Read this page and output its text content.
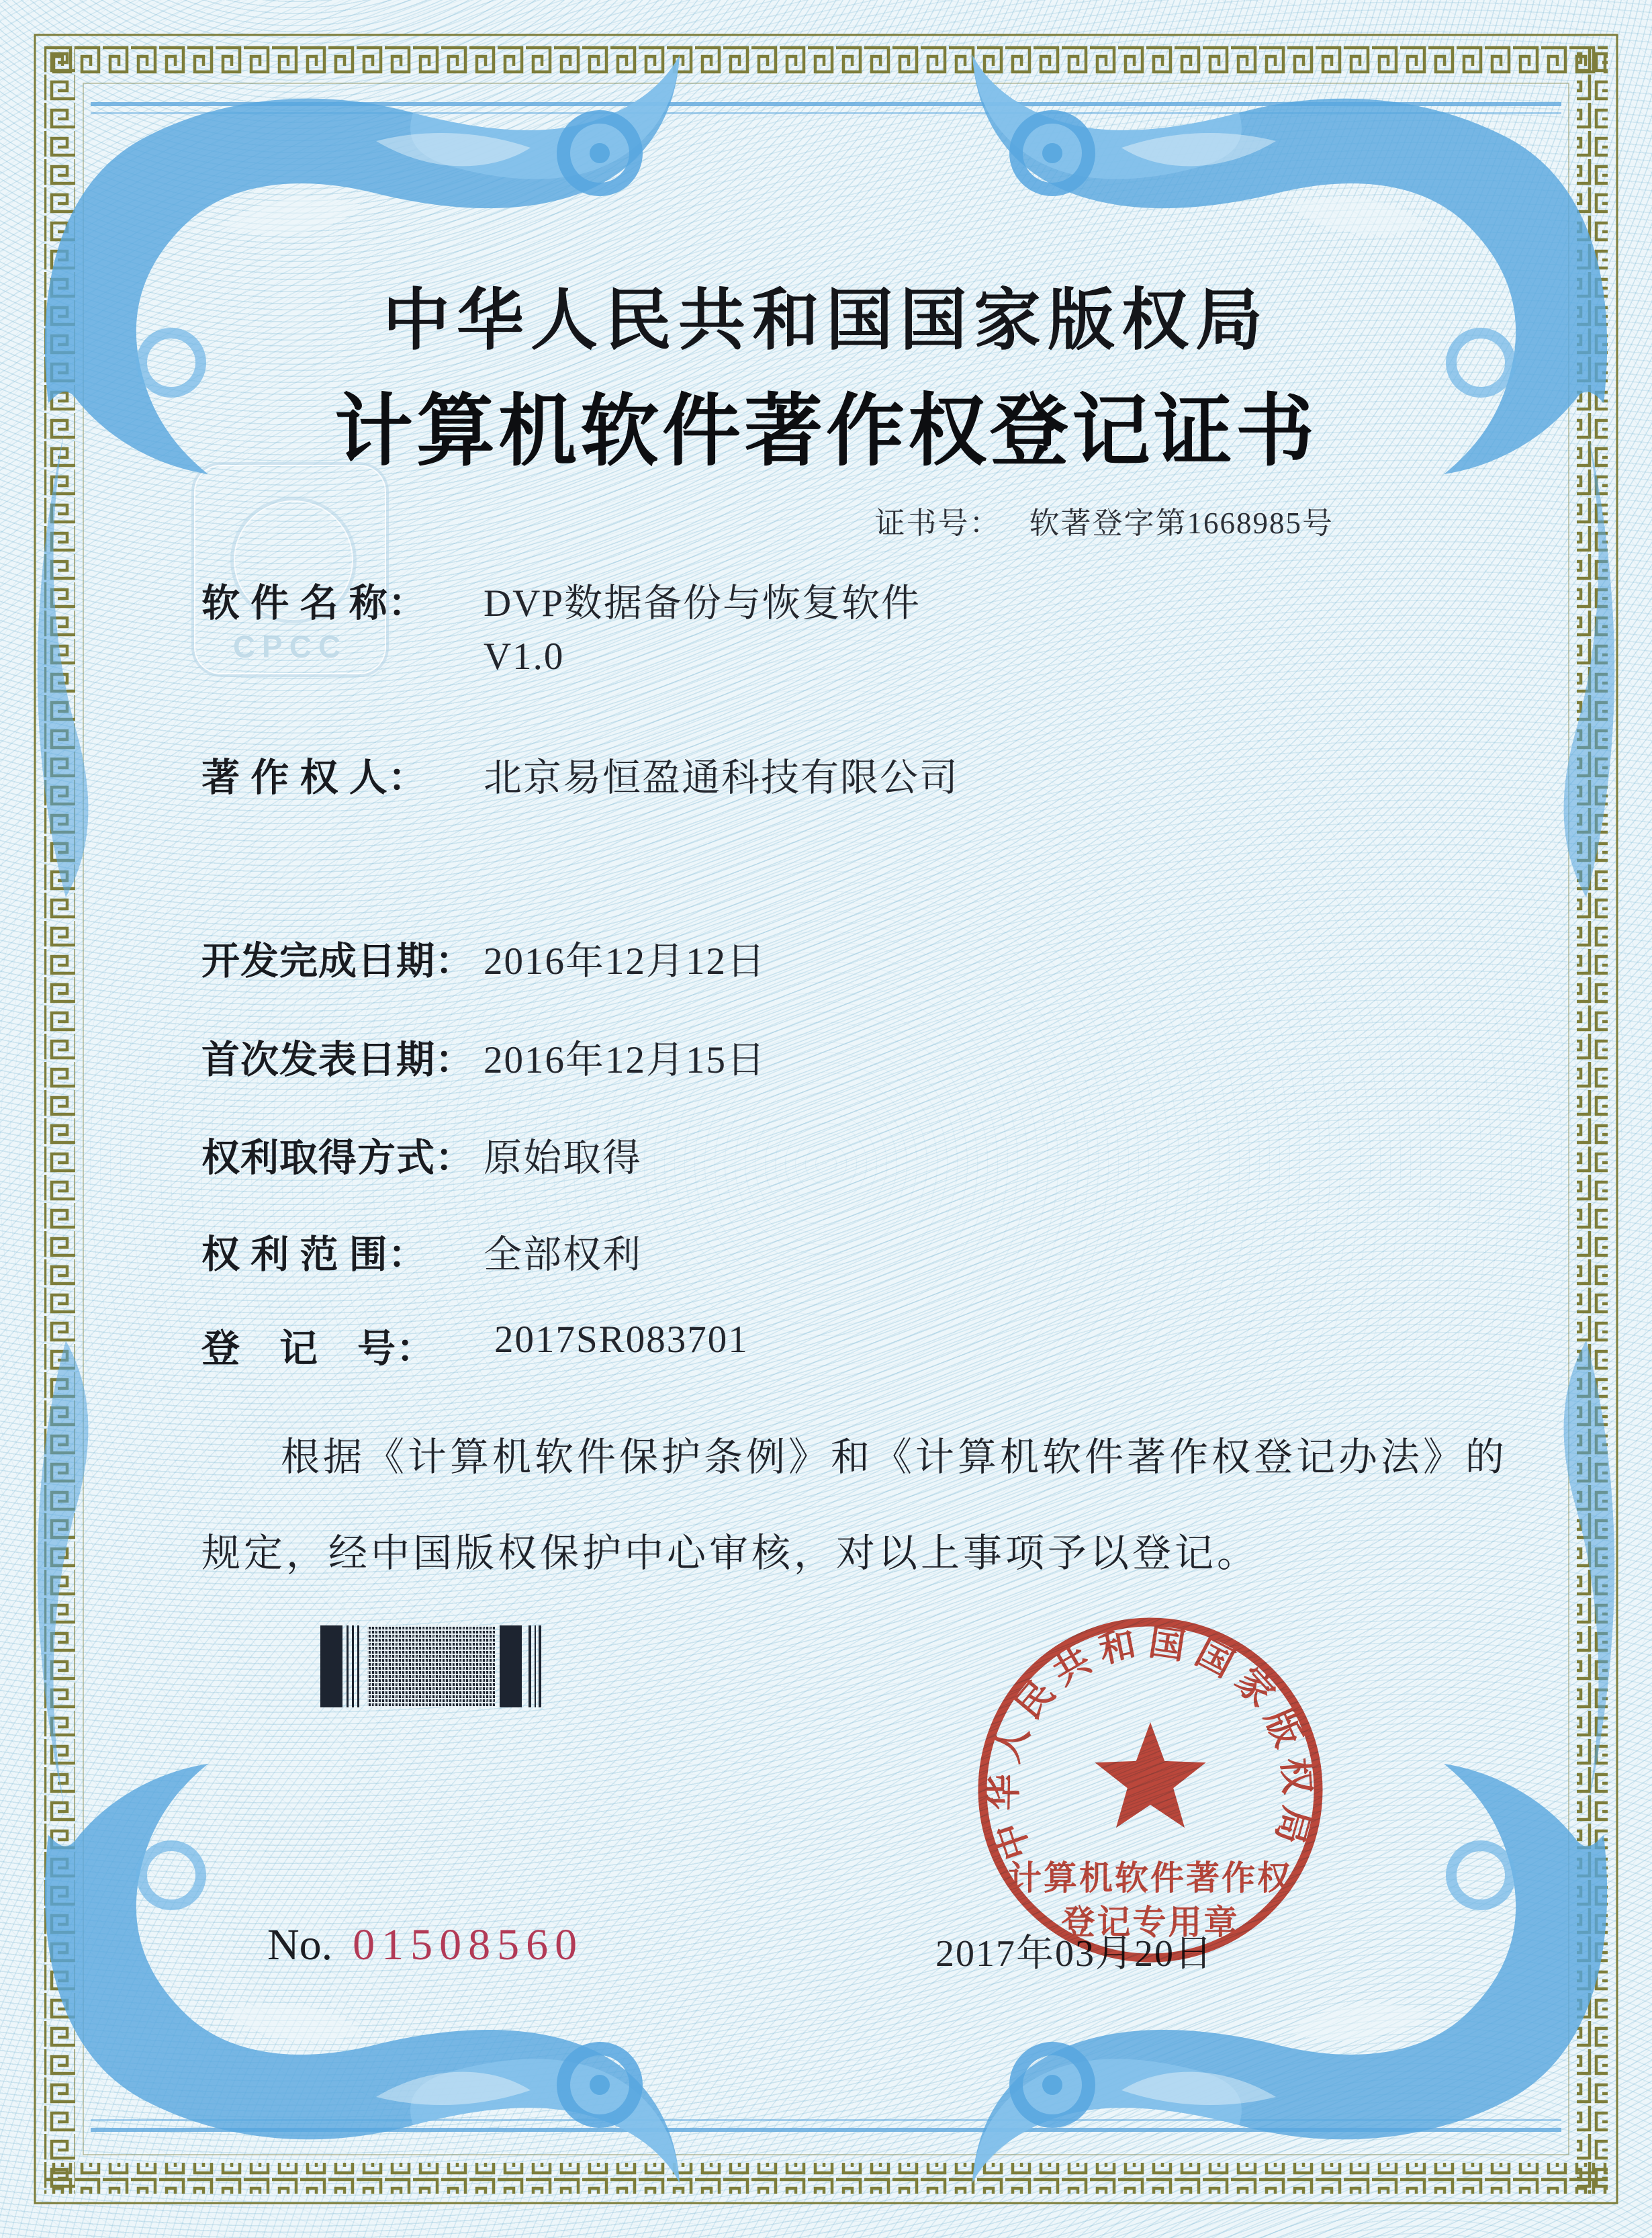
CPCC
中华人民共和国国家版权局
计算机软件著作权登记证书
证书号： 软著登字第1668985号
软 件 名 称： DVP数据备份与恢复软件
V1.0
著 作 权 人： 北京易恒盈通科技有限公司
开发完成日期： 2016年12月12日
首次发表日期： 2016年12月15日
权利取得方式： 原始取得
权 利 范 围： 全部权利
登　记　号： 2017SR083701
根据《计算机软件保护条例》和《计算机软件著作权登记办法》的
规定，经中国版权保护中心审核，对以上事项予以登记。
2017年03月20日
No. 01508560
中华人民共和国国家版权局
计算机软件著作权
登记专用章
